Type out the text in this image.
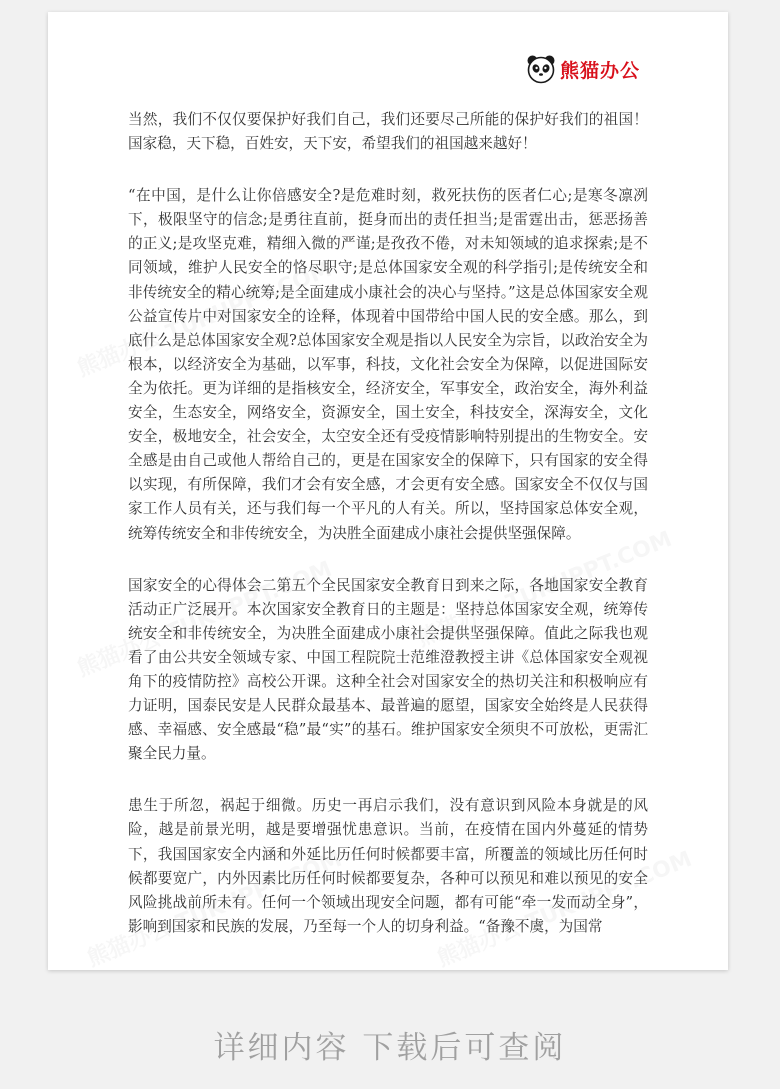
熊猫办公

当然，我们不仅仅要保护好我们自己，我们还要尽己所能的保护好我们的祖国！国家稳，天下稳，百姓安，天下安，希望我们的祖国越来越好！

“在中国，是什么让你倍感安全?是危难时刻，救死扶伤的医者仁心;是寒冬凛冽下，极限坚守的信念;是勇往直前，挺身而出的责任担当;是雷霆出击，惩恶扬善的正义;是攻坚克难，精细入微的严谨;是孜孜不倦，对未知领域的追求探索;是不同领域，维护人民安全的恪尽职守;是总体国家安全观的科学指引;是传统安全和非传统安全的精心统筹;是全面建成小康社会的决心与坚持。”这是总体国家安全观公益宣传片中对国家安全的诠释，体现着中国带给中国人民的安全感。那么，到底什么是总体国家安全观?总体国家安全观是指以人民安全为宗旨，以政治安全为根本，以经济安全为基础，以军事，科技，文化社会安全为保障，以促进国际安全为依托。更为详细的是指核安全，经济安全，军事安全，政治安全，海外利益安全，生态安全，网络安全，资源安全，国土安全，科技安全，深海安全，文化安全，极地安全，社会安全，太空安全还有受疫情影响特别提出的生物安全。安全感是由自己或他人帮给自己的，更是在国家安全的保障下，只有国家的安全得以实现，有所保障，我们才会有安全感，才会更有安全感。国家安全不仅仅与国家工作人员有关，还与我们每一个平凡的人有关。所以，坚持国家总体安全观，统筹传统安全和非传统安全，为决胜全面建成小康社会提供坚强保障。

国家安全的心得体会二第五个全民国家安全教育日到来之际，各地国家安全教育活动正广泛展开。本次国家安全教育日的主题是：坚持总体国家安全观，统筹传统安全和非传统安全，为决胜全面建成小康社会提供坚强保障。值此之际我也观看了由公共安全领域专家、中国工程院院士范维澄教授主讲《总体国家安全观视角下的疫情防控》高校公开课。这种全社会对国家安全的热切关注和积极响应有力证明，国泰民安是人民群众最基本、最普遍的愿望，国家安全始终是人民获得感、幸福感、安全感最“稳”最“实”的基石。维护国家安全须臾不可放松，更需汇聚全民力量。

患生于所忽，祸起于细微。历史一再启示我们，没有意识到风险本身就是的风险，越是前景光明，越是要增强忧患意识。当前，在疫情在国内外蔓延的情势下，我国国家安全内涵和外延比历任何时候都要丰富，所覆盖的领域比历任何时候都要宽广，内外因素比历任何时候都要复杂，各种可以预见和难以预见的安全风险挑战前所未有。任何一个领域出现安全问题，都有可能“牵一发而动全身”，影响到国家和民族的发展，乃至每一个人的切身利益。“备豫不虞，为国常

详细内容 下载后可查阅
